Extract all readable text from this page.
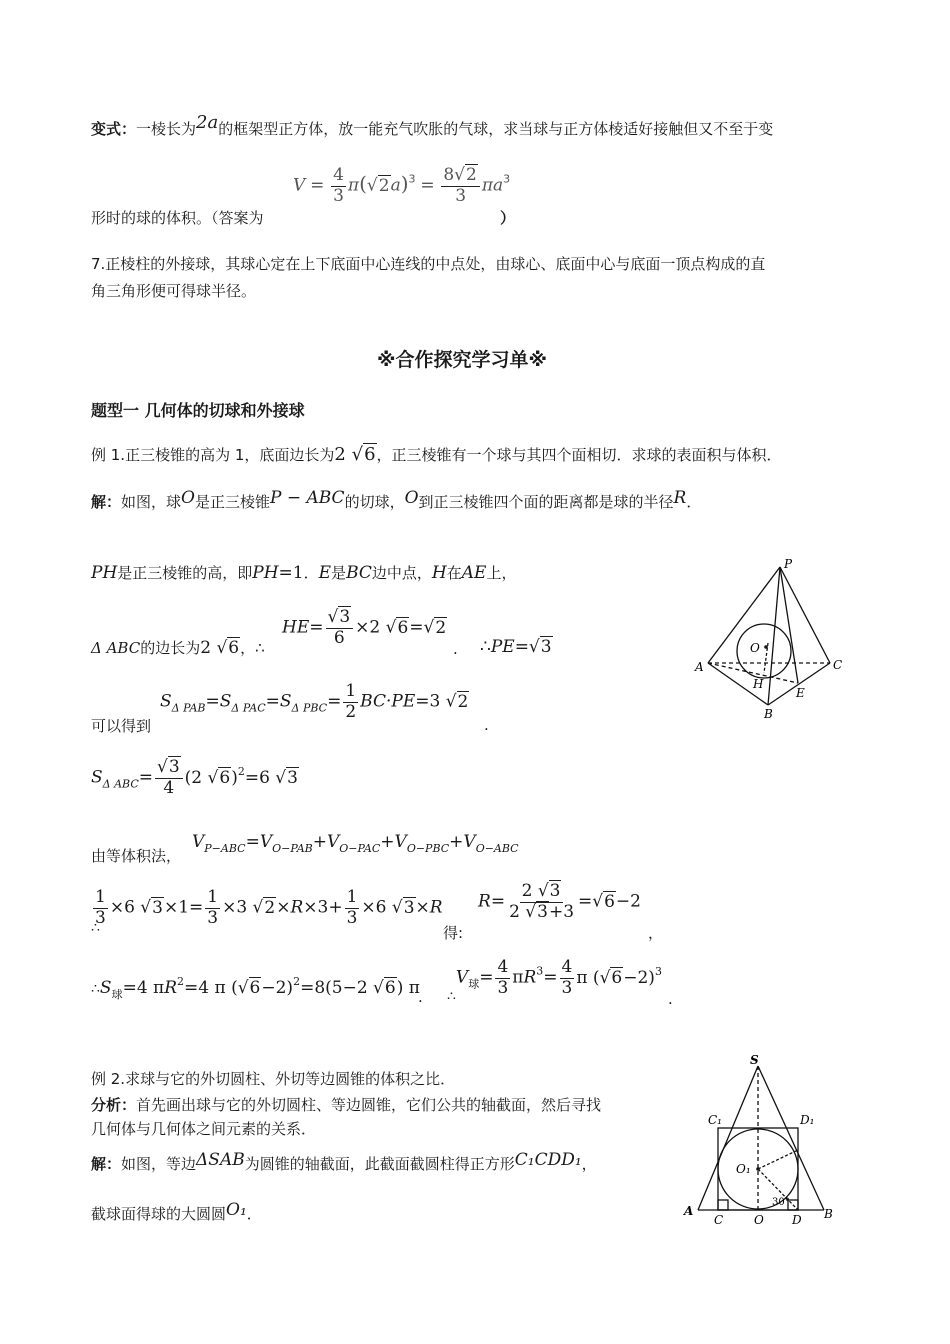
变式：一棱长为2a的框架型正方体，放一能充气吹胀的气球，求当球与正方体棱适好接触但又不至于变
$V = \frac{4}{3} \pi(√2a)^3 = \frac{8√2}{3} \pi a^3$
形时的球的体积。（答案为	）
7.正棱柱的外接球，其球心定在上下底面中心连线的中点处，由球心、底面中心与底面一顶点构成的直
角三角形便可得球半径。
※合作探究学习单※
题型一 几何体的切球和外接球
例 1.正三棱锥的高为 1，底面边长为2 √6，正三棱锥有一个球与其四个面相切．求球的表面积与体积．
解：如图，球O是正三棱锥P − ABC的切球，O到正三棱锥四个面的距离都是球的半径R．
PH是正三棱锥的高，即PH=1．E是BC边中点，H在AE上，
Δ ABC的边长为2 √6，∴
$HE= \frac{√3}{6} \times 2$ √6=√2
. ∴PE=√3
$S_{\Delta PAB}=S_{\Delta PAC}=S_{\Delta PBC}= \frac{1}{2} BC\cdot PE=3$ √2
可以得到	.
$S_{\Delta ABC}= \frac{√3}{4} (2$ √6)$^2$=6 √3
由等体积法，
$V_{P-ABC}=V_{O-PAB}+V_{O-PAC}+V_{O-PBC}+V_{O-ABC}$
$\frac{1}{3} \times 6$ $√3\times 1= \frac{1}{3} \times 3$ $√2\times R\times 3+ \frac{1}{3} \times 6$ √3×R
∴	得:
$R= \frac{2 √3}{2 √3+3} =√6-2$
，
$\therefore S_球=4$ $\pi R^2=4$ π $(√6-2)^2=8(5-2$ √6) π
. $\therefore V_球= \frac{4}{3} \pi R^3= \frac{4}{3}$ π $(√6-2)^3$
.
P
A
B
C
O
H
E
例 2.求球与它的外切圆柱、外切等边圆锥的体积之比．
分析：首先画出球与它的外切圆柱、等边圆锥，它们公共的轴截面，然后寻找
几何体与几何体之间元素的关系．
解：如图，等边ΔSAB为圆锥的轴截面，此截面截圆柱得正方形C₁CDD₁，
截球面得球的大圆圆O₁．
S
C₁	D₁
O₁
A
C	O D B
30°
